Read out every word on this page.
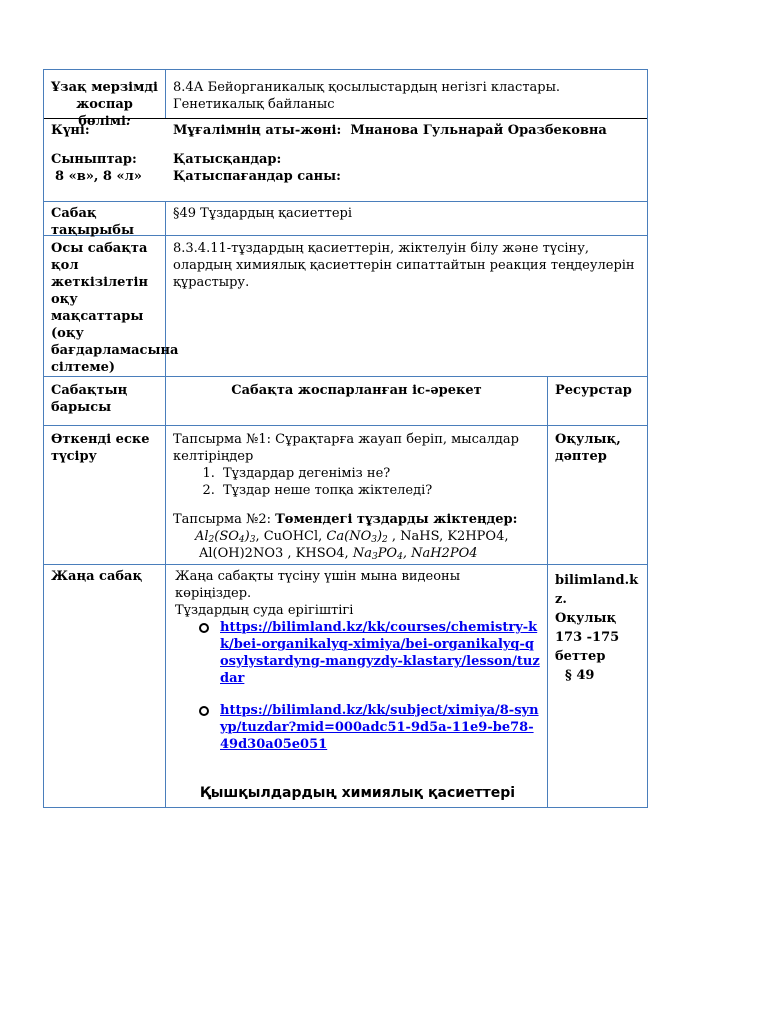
Ұзақ мерзімді жоспар бөлімі:
8.4А Бейорганикалық қосылыстардың негізгі кластары. Генетикалық байланыс
Күні:
Сыныптар:
8 «в», 8 «л»
Мұғалімнің аты-жөні: Мнанова Гульнарай Оразбековна
Қатысқандар:
Қатыспағандар саны:
Сабақ тақырыбы
§49 Тұздардың қасиеттері
Осы сабақта қол жеткізілетін оқу мақсаттары (оқу бағдарламасына сілтеме)
8.3.4.11-тұздардың қасиеттерін, жіктелуін білу және түсіну, олардың химиялық қасиеттерін сипаттайтын реакция теңдеулерін құрастыру.
Сабақтың барысы
Сабақта жоспарланған іс-әрекет	Ресурстар
Өткенді еске түсіру
Тапсырма №1: Сұрақтарға жауап беріп, мысалдар келтіріңдер
1. Тұздардар дегеніміз не?
2. Тұздар неше топқа жіктеледі?
Тапсырма №2: Төмендегі тұздарды жіктеңдер:
$Al_2(SO_4)_3$, CuOHCl, $Ca(NO_3)_2$ , NaHS, K2HPO4,
Al(OH)2NO3 , KHSO4, $Na_3PO_4$, NaH2PO4
Оқулық, дәптер
Жаңа сабақ	Жаңа сабақты түсіну үшін мына видеоны көріңіздер.
Тұздардың суда ерігіштігі
https://bilimland.kz/kk/courses/chemistry-kk/bei-organikalyq-ximiya/bei-organikalyq-qosylystardyng-mangyzdy-klastary/lesson/tuzdar
https://bilimland.kz/kk/subject/ximiya/8-synyp/tuzdar?mid=000adc51-9d5a-11e9-be78-49d30a05e051
Қышқылдардың химиялық қасиеттері
bilimland.kz.
Оқулық
173 -175 беттер
§ 49
